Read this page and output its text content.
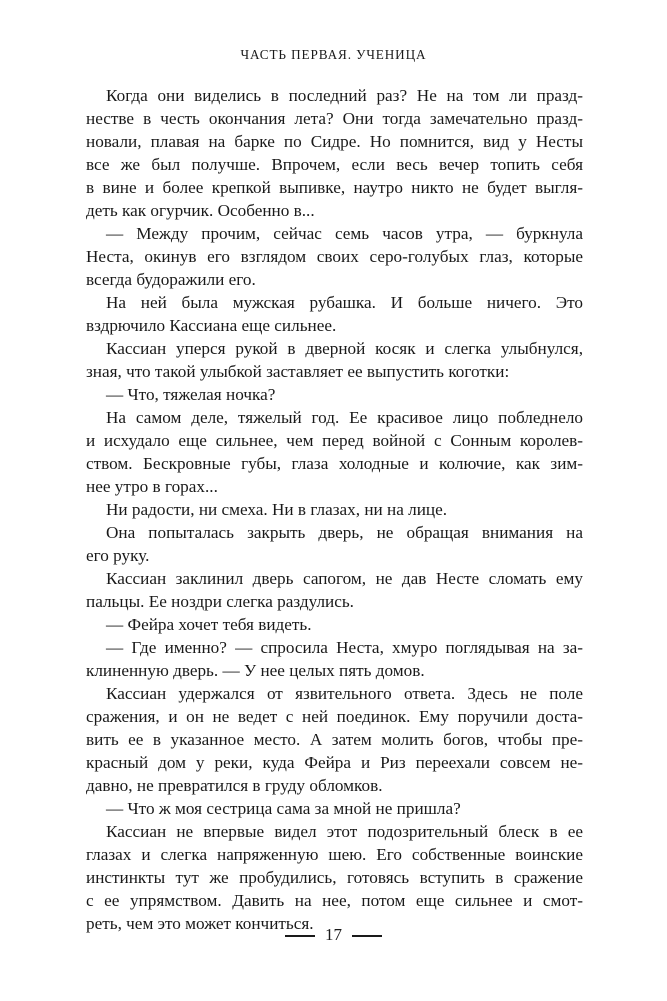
ЧАСТЬ ПЕРВАЯ. УЧЕНИЦА
Когда они виделись в последний раз? Не на том ли празд-
нестве в честь окончания лета? Они тогда замечательно празд-
новали, плавая на барке по Сидре. Но помнится, вид у Несты
все же был получше. Впрочем, если весь вечер топить себя
в вине и более крепкой выпивке, наутро никто не будет выгля-
деть как огурчик. Особенно в...
— Между прочим, сейчас семь часов утра, — буркнула
Неста, окинув его взглядом своих серо-голубых глаз, которые
всегда будоражили его.
На ней была мужская рубашка. И больше ничего. Это
вздрючило Кассиана еще сильнее.
Кассиан уперся рукой в дверной косяк и слегка улыбнулся,
зная, что такой улыбкой заставляет ее выпустить коготки:
— Что, тяжелая ночка?
На самом деле, тяжелый год. Ее красивое лицо побледнело
и исхудало еще сильнее, чем перед войной с Сонным королев-
ством. Бескровные губы, глаза холодные и колючие, как зим-
нее утро в горах...
Ни радости, ни смеха. Ни в глазах, ни на лице.
Она попыталась закрыть дверь, не обращая внимания на
его руку.
Кассиан заклинил дверь сапогом, не дав Несте сломать ему
пальцы. Ее ноздри слегка раздулись.
— Фейра хочет тебя видеть.
— Где именно? — спросила Неста, хмуро поглядывая на за-
клиненную дверь. — У нее целых пять домов.
Кассиан удержался от язвительного ответа. Здесь не поле
сражения, и он не ведет с ней поединок. Ему поручили доста-
вить ее в указанное место. А затем молить богов, чтобы пре-
красный дом у реки, куда Фейра и Риз переехали совсем не-
давно, не превратился в груду обломков.
— Что ж моя сестрица сама за мной не пришла?
Кассиан не впервые видел этот подозрительный блеск в ее
глазах и слегка напряженную шею. Его собственные воинские
инстинкты тут же пробудились, готовясь вступить в сражение
с ее упрямством. Давить на нее, потом еще сильнее и смот-
реть, чем это может кончиться.
17
